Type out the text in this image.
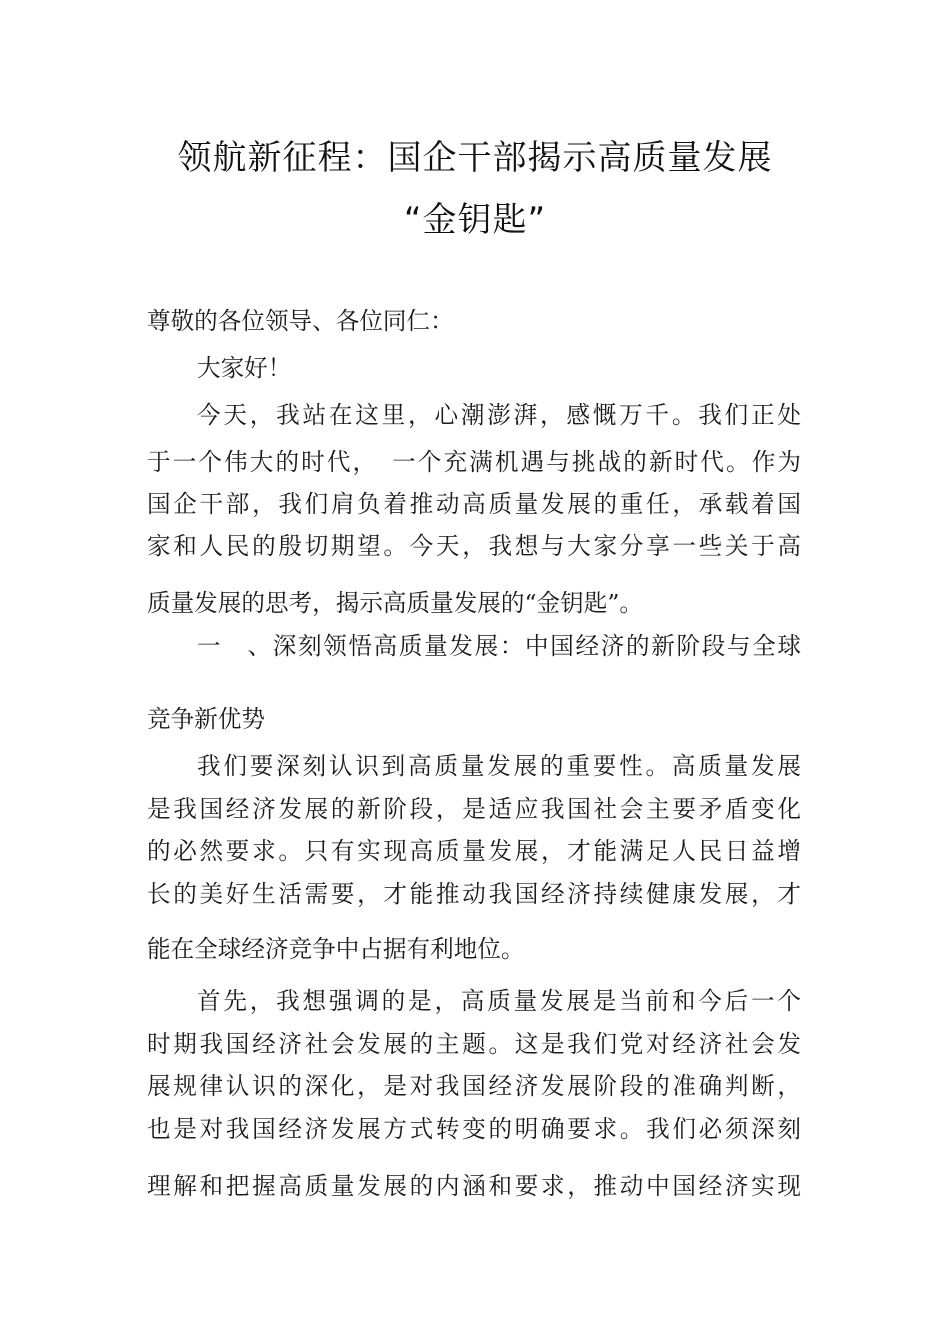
领航新征程：国企干部揭示高质量发展
“金钥匙”
尊敬的各位领导、各位同仁：
大家好！
今天，我站在这里，心潮澎湃，感慨万千。我们正处
于一个伟大的时代，　一个充满机遇与挑战的新时代。作为
国企干部，我们肩负着推动高质量发展的重任，承载着国
家和人民的殷切期望。今天，我想与大家分享一些关于高
质量发展的思考，揭示高质量发展的“金钥匙”。
一　、深刻领悟高质量发展：中国经济的新阶段与全球
竞争新优势
我们要深刻认识到高质量发展的重要性。高质量发展
是我国经济发展的新阶段，是适应我国社会主要矛盾变化
的必然要求。只有实现高质量发展，才能满足人民日益增
长的美好生活需要，才能推动我国经济持续健康发展，才
能在全球经济竞争中占据有利地位。
首先，我想强调的是，高质量发展是当前和今后一个
时期我国经济社会发展的主题。这是我们党对经济社会发
展规律认识的深化，是对我国经济发展阶段的准确判断，
也是对我国经济发展方式转变的明确要求。我们必须深刻
理解和把握高质量发展的内涵和要求，推动中国经济实现
